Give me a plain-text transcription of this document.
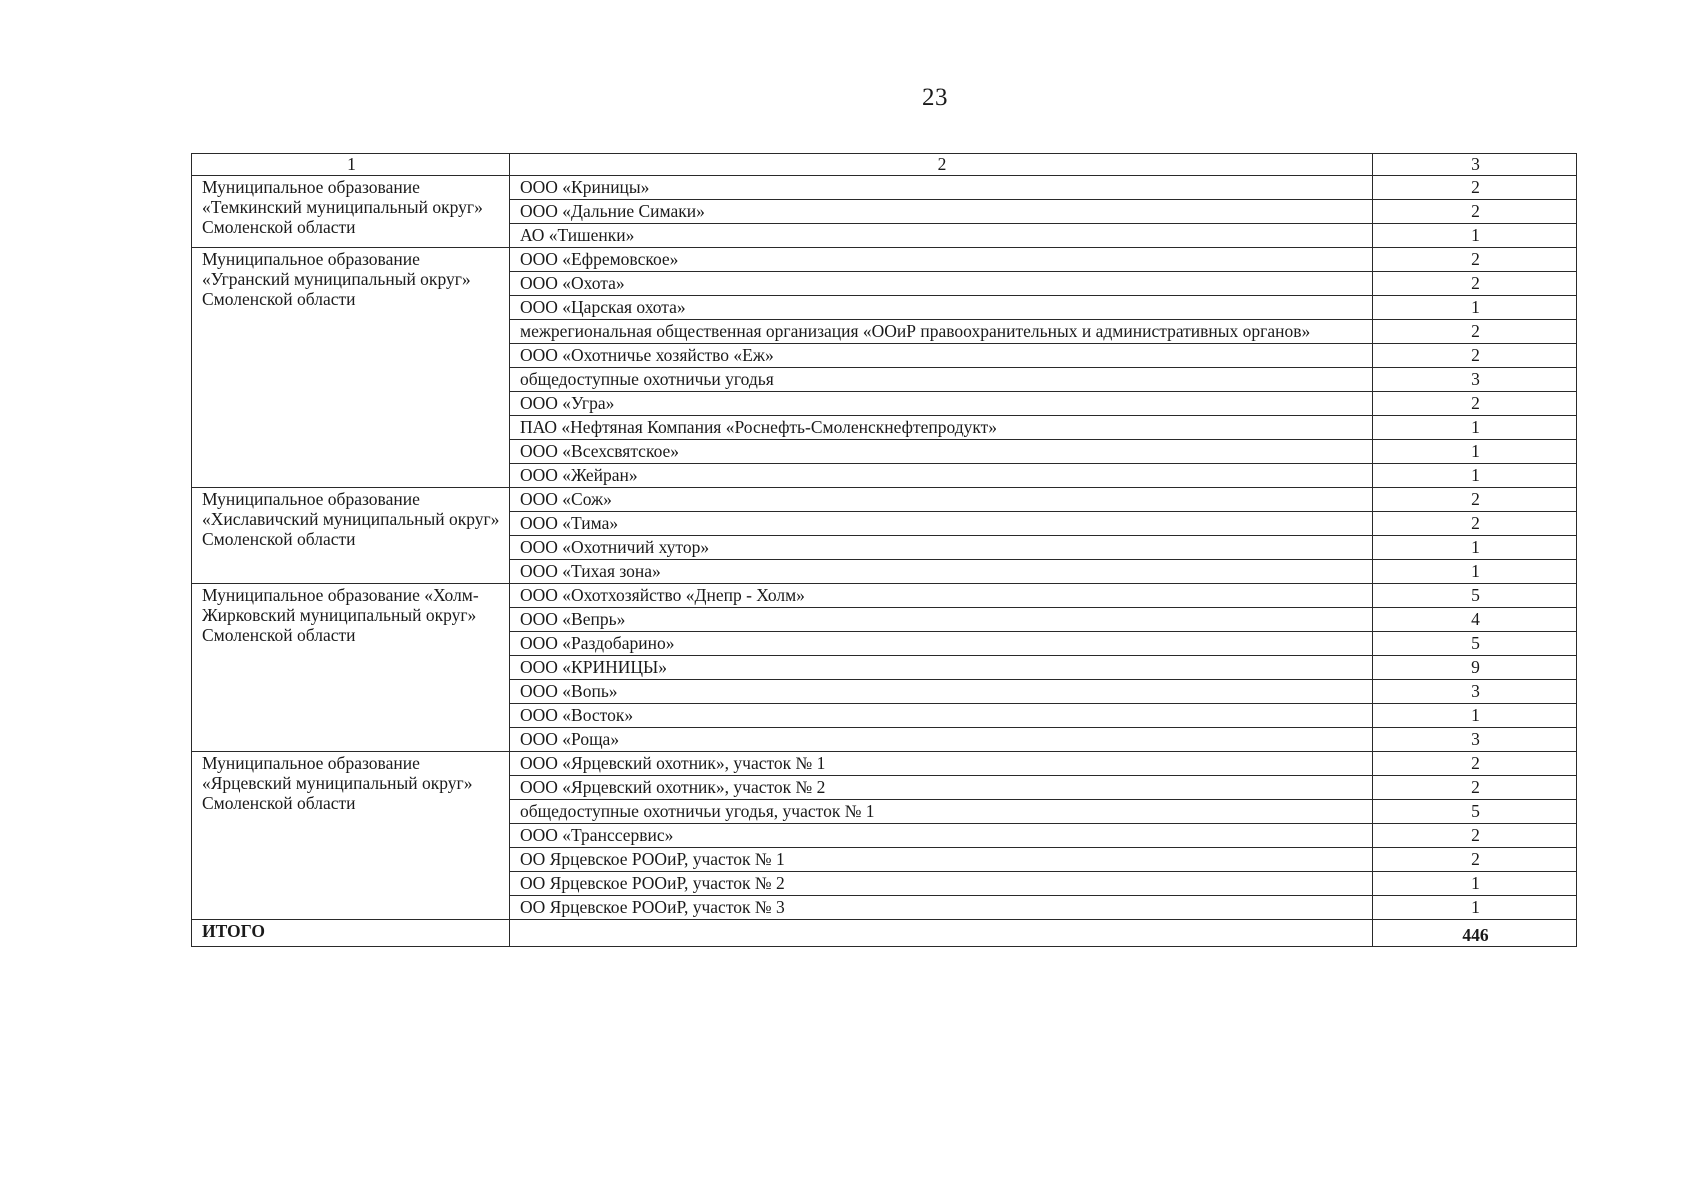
23
1	2	3
Муниципальное образование «Темкинский муниципальный округ» Смоленской области	ООО «Криницы»	2
	ООО «Дальние Симаки»	2
	АО «Тишенки»	1
Муниципальное образование «Угранский муниципальный округ» Смоленской области	ООО «Ефремовское»	2
	ООО «Охота»	2
	ООО «Царская охота»	1
	межрегиональная общественная организация «ООиР правоохранительных и административных органов»	2
	ООО «Охотничье хозяйство «Еж»	2
	общедоступные охотничьи угодья	3
	ООО «Угра»	2
	ПАО «Нефтяная Компания «Роснефть-Смоленскнефтепродукт»	1
	ООО «Всехсвятское»	1
	ООО «Жейран»	1
Муниципальное образование «Хиславичский муниципальный округ» Смоленской области	ООО «Сож»	2
	ООО «Тима»	2
	ООО «Охотничий хутор»	1
	ООО «Тихая зона»	1
Муниципальное образование «Холм-Жирковский муниципальный округ» Смоленской области	ООО «Охотхозяйство «Днепр - Холм»	5
	ООО «Вепрь»	4
	ООО «Раздобарино»	5
	ООО «КРИНИЦЫ»	9
	ООО «Вопь»	3
	ООО «Восток»	1
	ООО «Роща»	3
Муниципальное образование «Ярцевский муниципальный округ» Смоленской области	ООО «Ярцевский охотник», участок № 1	2
	ООО «Ярцевский охотник», участок № 2	2
	общедоступные охотничьи угодья, участок № 1	5
	ООО «Транссервис»	2
	ОО Ярцевское РООиР, участок № 1	2
	ОО Ярцевское РООиР, участок № 2	1
	ОО Ярцевское РООиР, участок № 3	1
ИТОГО		446
